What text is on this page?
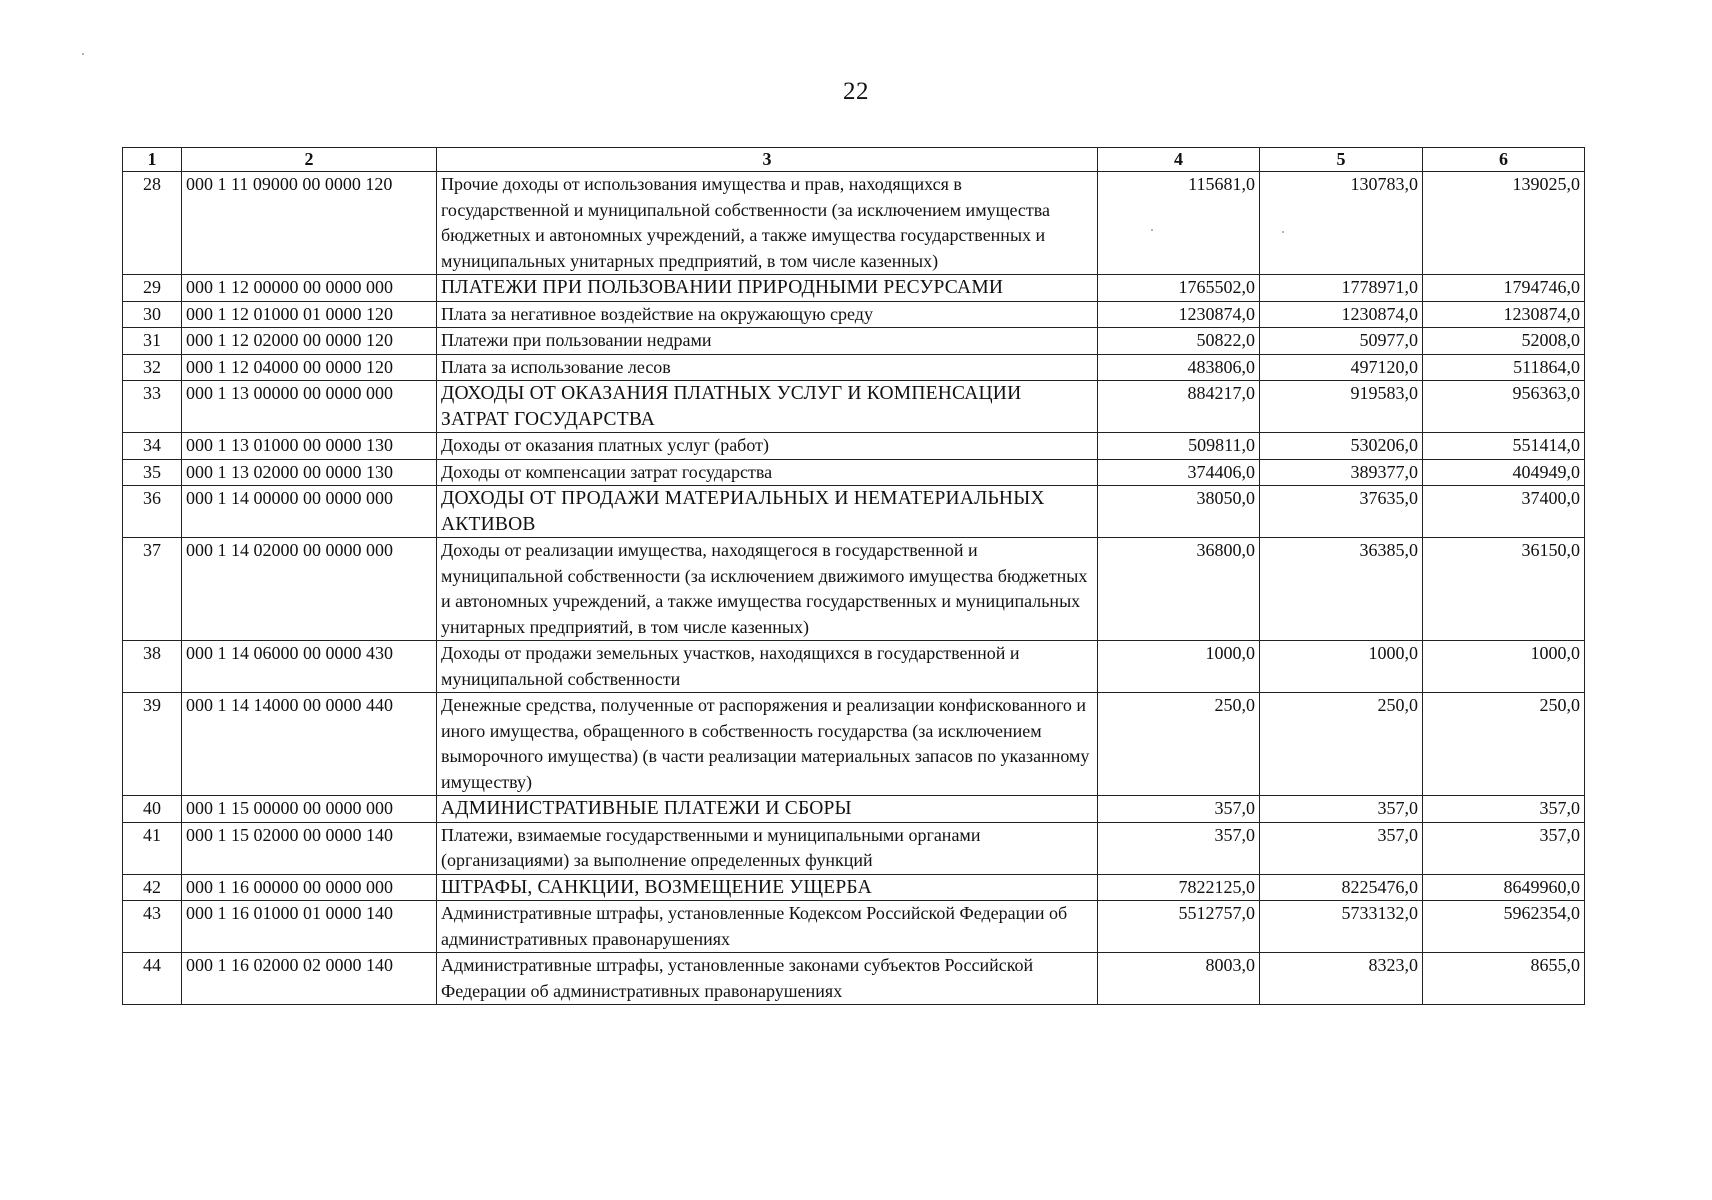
22
1	2	3	4	5	6
28	000 1 11 09000 00 0000 120	Прочие доходы от использования имущества и прав, находящихся в государственной и муниципальной собственности (за исключением имущества бюджетных и автономных учреждений, а также имущества государственных и муниципальных унитарных предприятий, в том числе казенных)	115681,0	130783,0	139025,0
29	000 1 12 00000 00 0000 000	ПЛАТЕЖИ ПРИ ПОЛЬЗОВАНИИ ПРИРОДНЫМИ РЕСУРСАМИ	1765502,0	1778971,0	1794746,0
30	000 1 12 01000 01 0000 120	Плата за негативное воздействие на окружающую среду	1230874,0	1230874,0	1230874,0
31	000 1 12 02000 00 0000 120	Платежи при пользовании недрами	50822,0	50977,0	52008,0
32	000 1 12 04000 00 0000 120	Плата за использование лесов	483806,0	497120,0	511864,0
33	000 1 13 00000 00 0000 000	ДОХОДЫ ОТ ОКАЗАНИЯ ПЛАТНЫХ УСЛУГ И КОМПЕНСАЦИИ ЗАТРАТ ГОСУДАРСТВА	884217,0	919583,0	956363,0
34	000 1 13 01000 00 0000 130	Доходы от оказания платных услуг (работ)	509811,0	530206,0	551414,0
35	000 1 13 02000 00 0000 130	Доходы от компенсации затрат государства	374406,0	389377,0	404949,0
36	000 1 14 00000 00 0000 000	ДОХОДЫ ОТ ПРОДАЖИ МАТЕРИАЛЬНЫХ И НЕМАТЕРИАЛЬНЫХ АКТИВОВ	38050,0	37635,0	37400,0
37	000 1 14 02000 00 0000 000	Доходы от реализации имущества, находящегося в государственной и муниципальной собственности (за исключением движимого имущества бюджетных и автономных учреждений, а также имущества государственных и муниципальных унитарных предприятий, в том числе казенных)	36800,0	36385,0	36150,0
38	000 1 14 06000 00 0000 430	Доходы от продажи земельных участков, находящихся в государственной и муниципальной собственности	1000,0	1000,0	1000,0
39	000 1 14 14000 00 0000 440	Денежные средства, полученные от распоряжения и реализации конфискованного и иного имущества, обращенного в собственность государства (за исключением выморочного имущества) (в части реализации материальных запасов по указанному имуществу)	250,0	250,0	250,0
40	000 1 15 00000 00 0000 000	АДМИНИСТРАТИВНЫЕ ПЛАТЕЖИ И СБОРЫ	357,0	357,0	357,0
41	000 1 15 02000 00 0000 140	Платежи, взимаемые государственными и муниципальными органами (организациями) за выполнение определенных функций	357,0	357,0	357,0
42	000 1 16 00000 00 0000 000	ШТРАФЫ, САНКЦИИ, ВОЗМЕЩЕНИЕ УЩЕРБА	7822125,0	8225476,0	8649960,0
43	000 1 16 01000 01 0000 140	Административные штрафы, установленные Кодексом Российской Федерации об административных правонарушениях	5512757,0	5733132,0	5962354,0
44	000 1 16 02000 02 0000 140	Административные штрафы, установленные законами субъектов Российской Федерации об административных правонарушениях	8003,0	8323,0	8655,0
